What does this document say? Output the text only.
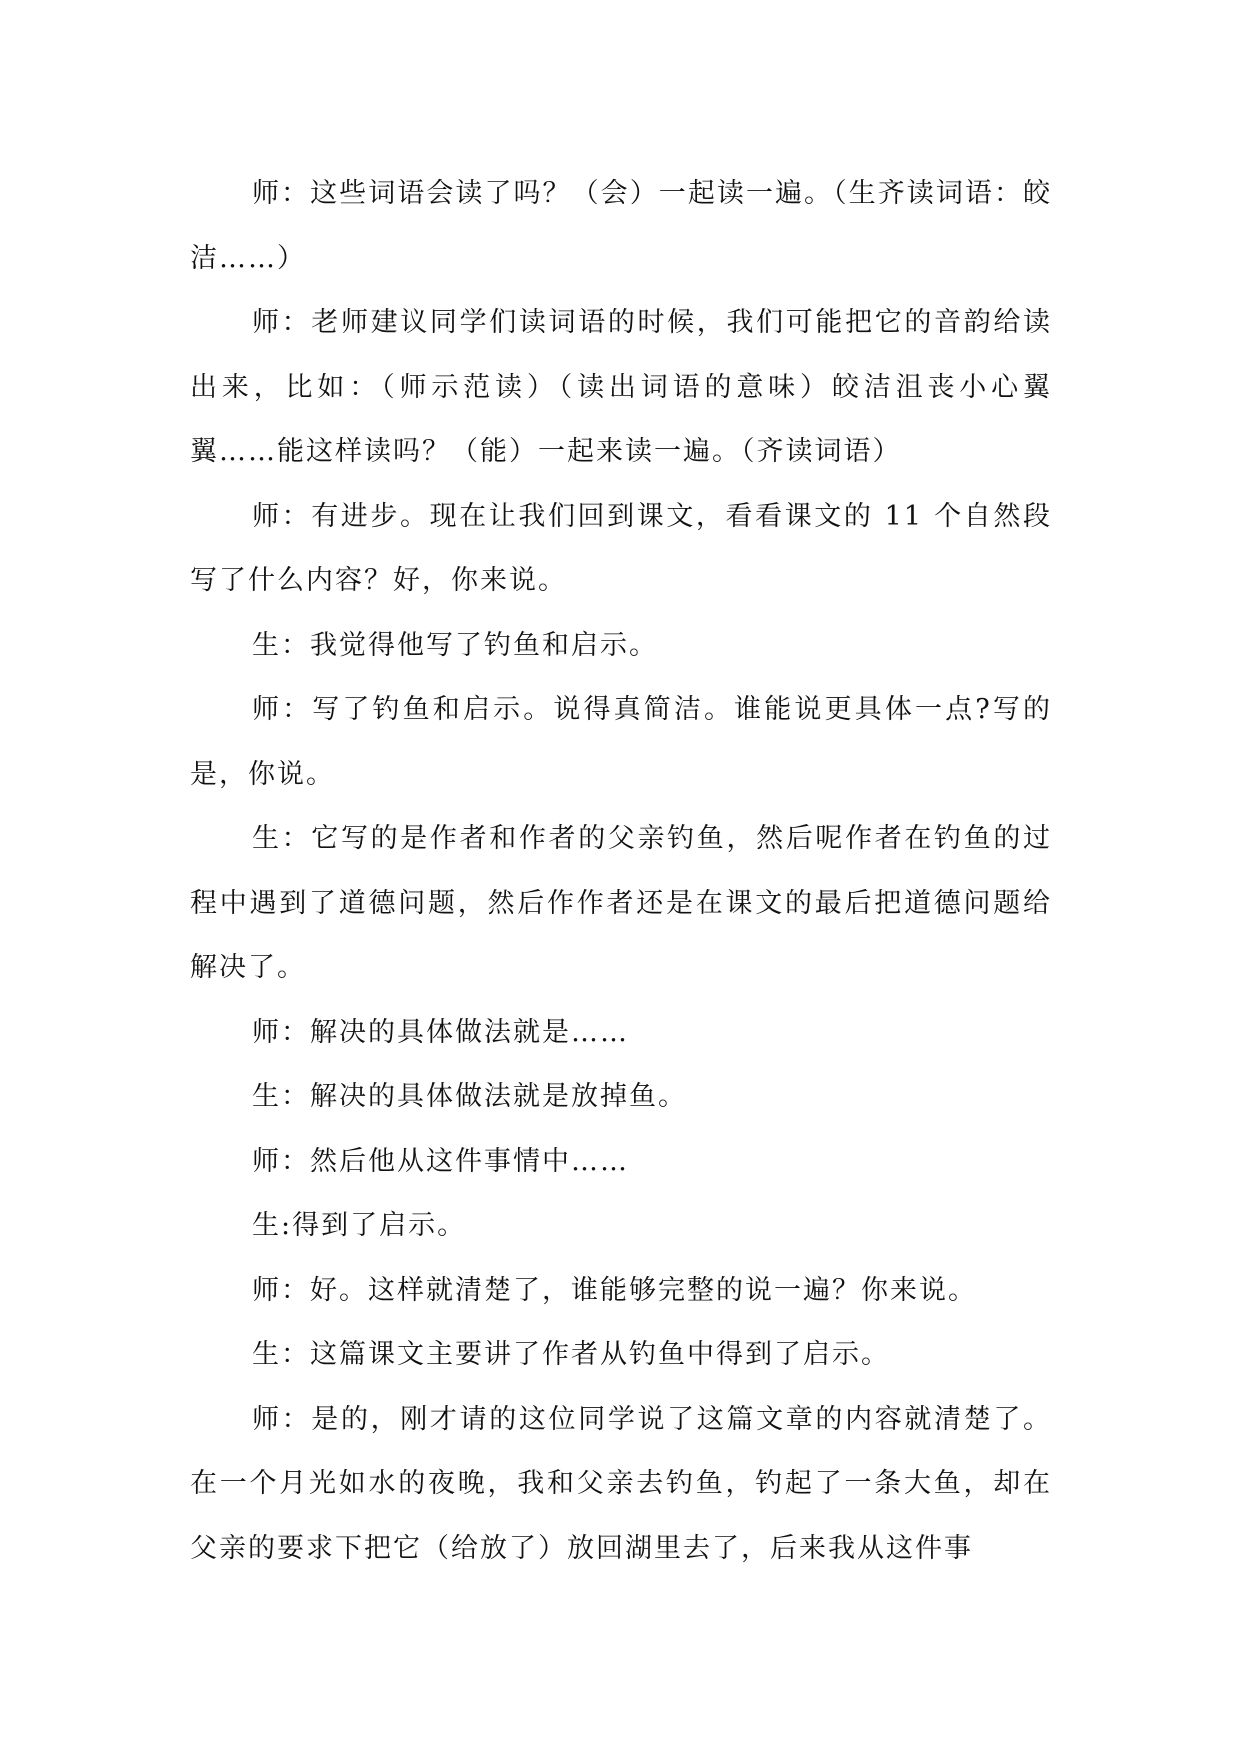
师：这些词语会读了吗？（会）一起读一遍。（生齐读词语：皎洁……）

师：老师建议同学们读词语的时候，我们可能把它的音韵给读出来，比如：（师示范读）（读出词语的意味）皎洁沮丧小心翼翼……能这样读吗？（能）一起来读一遍。（齐读词语）

师：有进步。现在让我们回到课文，看看课文的 11 个自然段写了什么内容？好，你来说。

生：我觉得他写了钓鱼和启示。

师：写了钓鱼和启示。说得真简洁。谁能说更具体一点?写的是，你说。

生：它写的是作者和作者的父亲钓鱼，然后呢作者在钓鱼的过程中遇到了道德问题，然后作作者还是在课文的最后把道德问题给解决了。

师：解决的具体做法就是……

生：解决的具体做法就是放掉鱼。

师：然后他从这件事情中……

生:得到了启示。

师：好。这样就清楚了，谁能够完整的说一遍？你来说。

生：这篇课文主要讲了作者从钓鱼中得到了启示。

师：是的，刚才请的这位同学说了这篇文章的内容就清楚了。在一个月光如水的夜晚，我和父亲去钓鱼，钓起了一条大鱼，却在父亲的要求下把它（给放了）放回湖里去了，后来我从这件事
